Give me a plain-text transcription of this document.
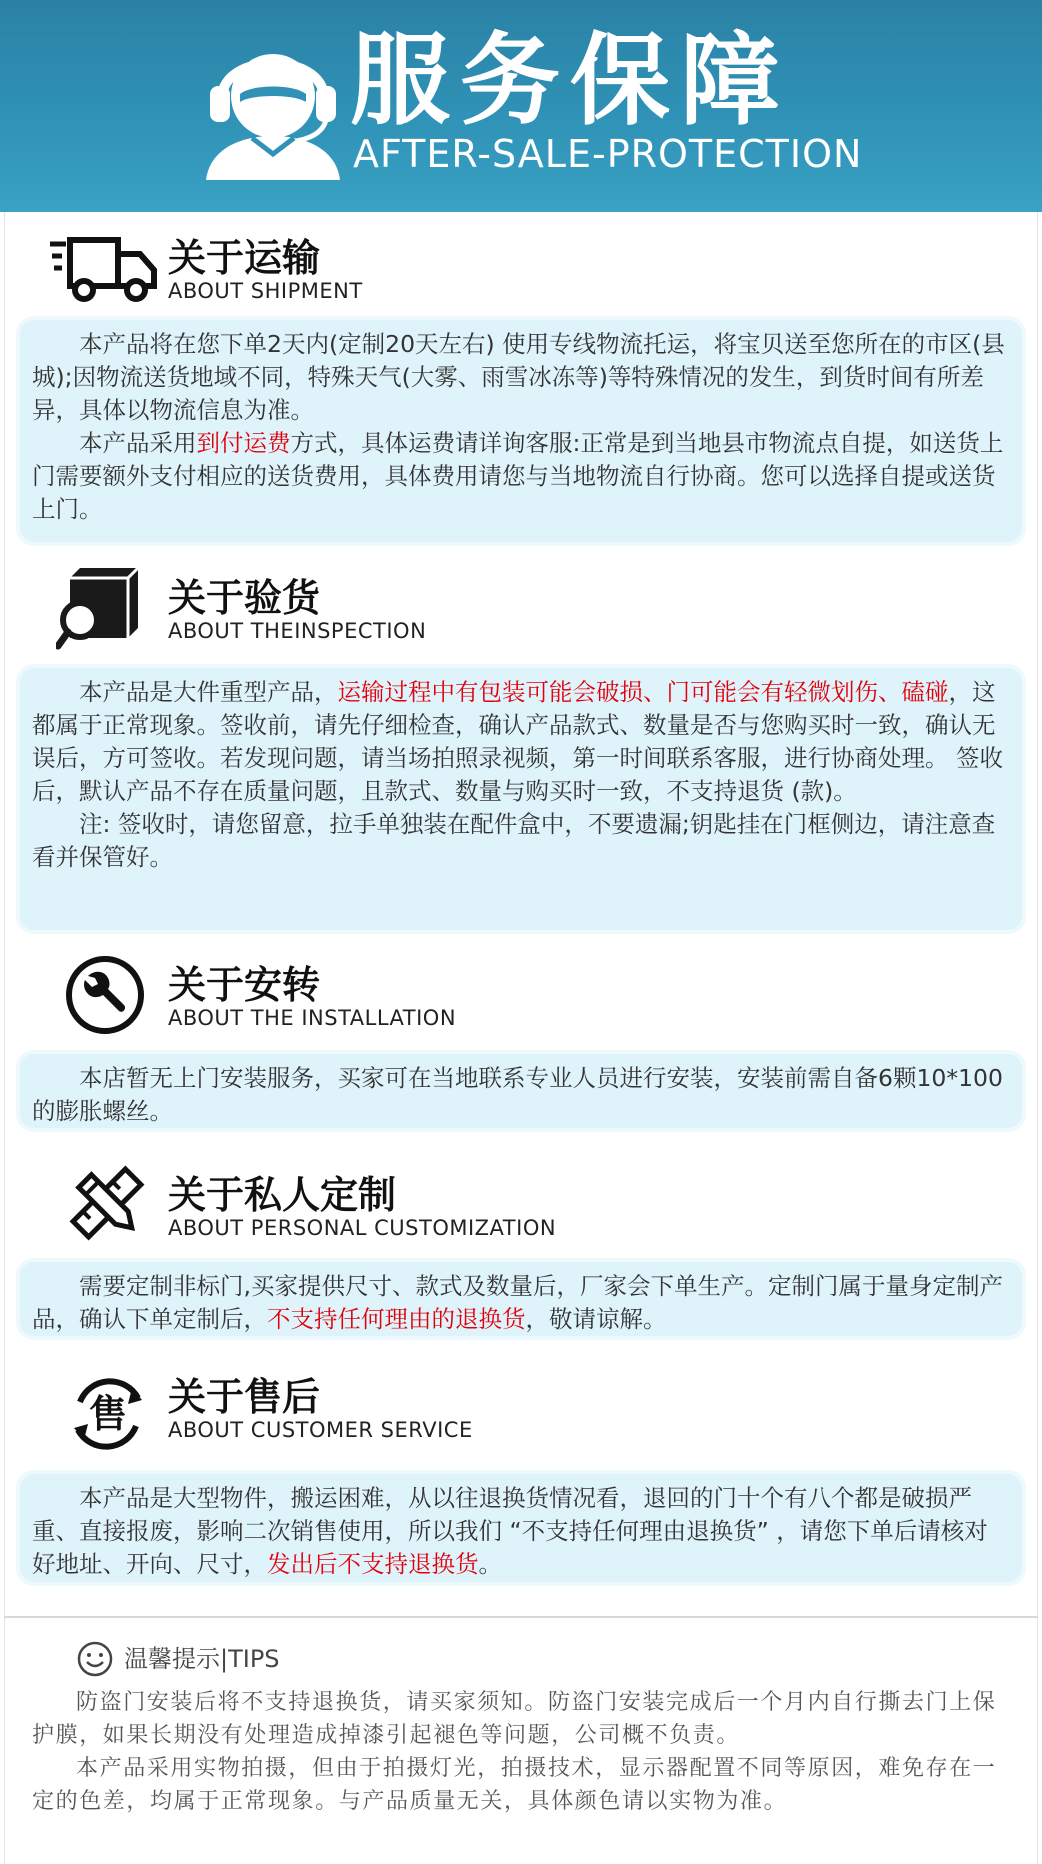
服务保障
AFTER-SALE-PROTECTION
关于运输
ABOUT SHIPMENT

本产品将在您下单2天内(定制20天左右) 使用专线物流托运，将宝贝送至您所在的市区(县城);因物流送货地域不同，特殊天气(大雾、雨雪冰冻等)等特殊情况的发生，到货时间有所差异，具体以物流信息为准。

本产品采用到付运费方式，具体运费请详询客服:正常是到当地县市物流点自提，如送货上门需要额外支付相应的送货费用，具体费用请您与当地物流自行协商。您可以选择自提或送货上门。

关于验货
ABOUT THEINSPECTION

本产品是大件重型产品，运输过程中有包装可能会破损、门可能会有轻微划伤、磕碰，这都属于正常现象。签收前，请先仔细检查，确认产品款式、数量是否与您购买时一致，确认无误后，方可签收。若发现问题，请当场拍照录视频，第一时间联系客服，进行协商处理。 签收后，默认产品不存在质量问题，且款式、数量与购买时一致，不支持退货 (款)。

注: 签收时，请您留意，拉手单独装在配件盒中，不要遗漏;钥匙挂在门框侧边，请注意查看并保管好。

关于安转
ABOUT THE INSTALLATION

本店暂无上门安装服务，买家可在当地联系专业人员进行安装，安装前需自备6颗10*100的膨胀螺丝。

关于私人定制
ABOUT PERSONAL CUSTOMIZATION

需要定制非标门,买家提供尺寸、款式及数量后，厂家会下单生产。定制门属于量身定制产品，确认下单定制后，不支持任何理由的退换货，敬请谅解。

售	关于售后
ABOUT CUSTOMER SERVICE

本产品是大型物件，搬运困难，从以往退换货情况看，退回的门十个有八个都是破损严重、直接报废，影响二次销售使用，所以我们 “不支持任何理由退换货” ，请您下单后请核对好地址、开向、尺寸，发出后不支持退换货。

温馨提示|TIPS

防盗门安装后将不支持退换货，请买家须知。防盗门安装完成后一个月内自行撕去门上保护膜，如果长期没有处理造成掉漆引起褪色等问题，公司概不负责。

本产品采用实物拍摄，但由于拍摄灯光，拍摄技术，显示器配置不同等原因，难免存在一定的色差，均属于正常现象。与产品质量无关，具体颜色请以实物为准。
